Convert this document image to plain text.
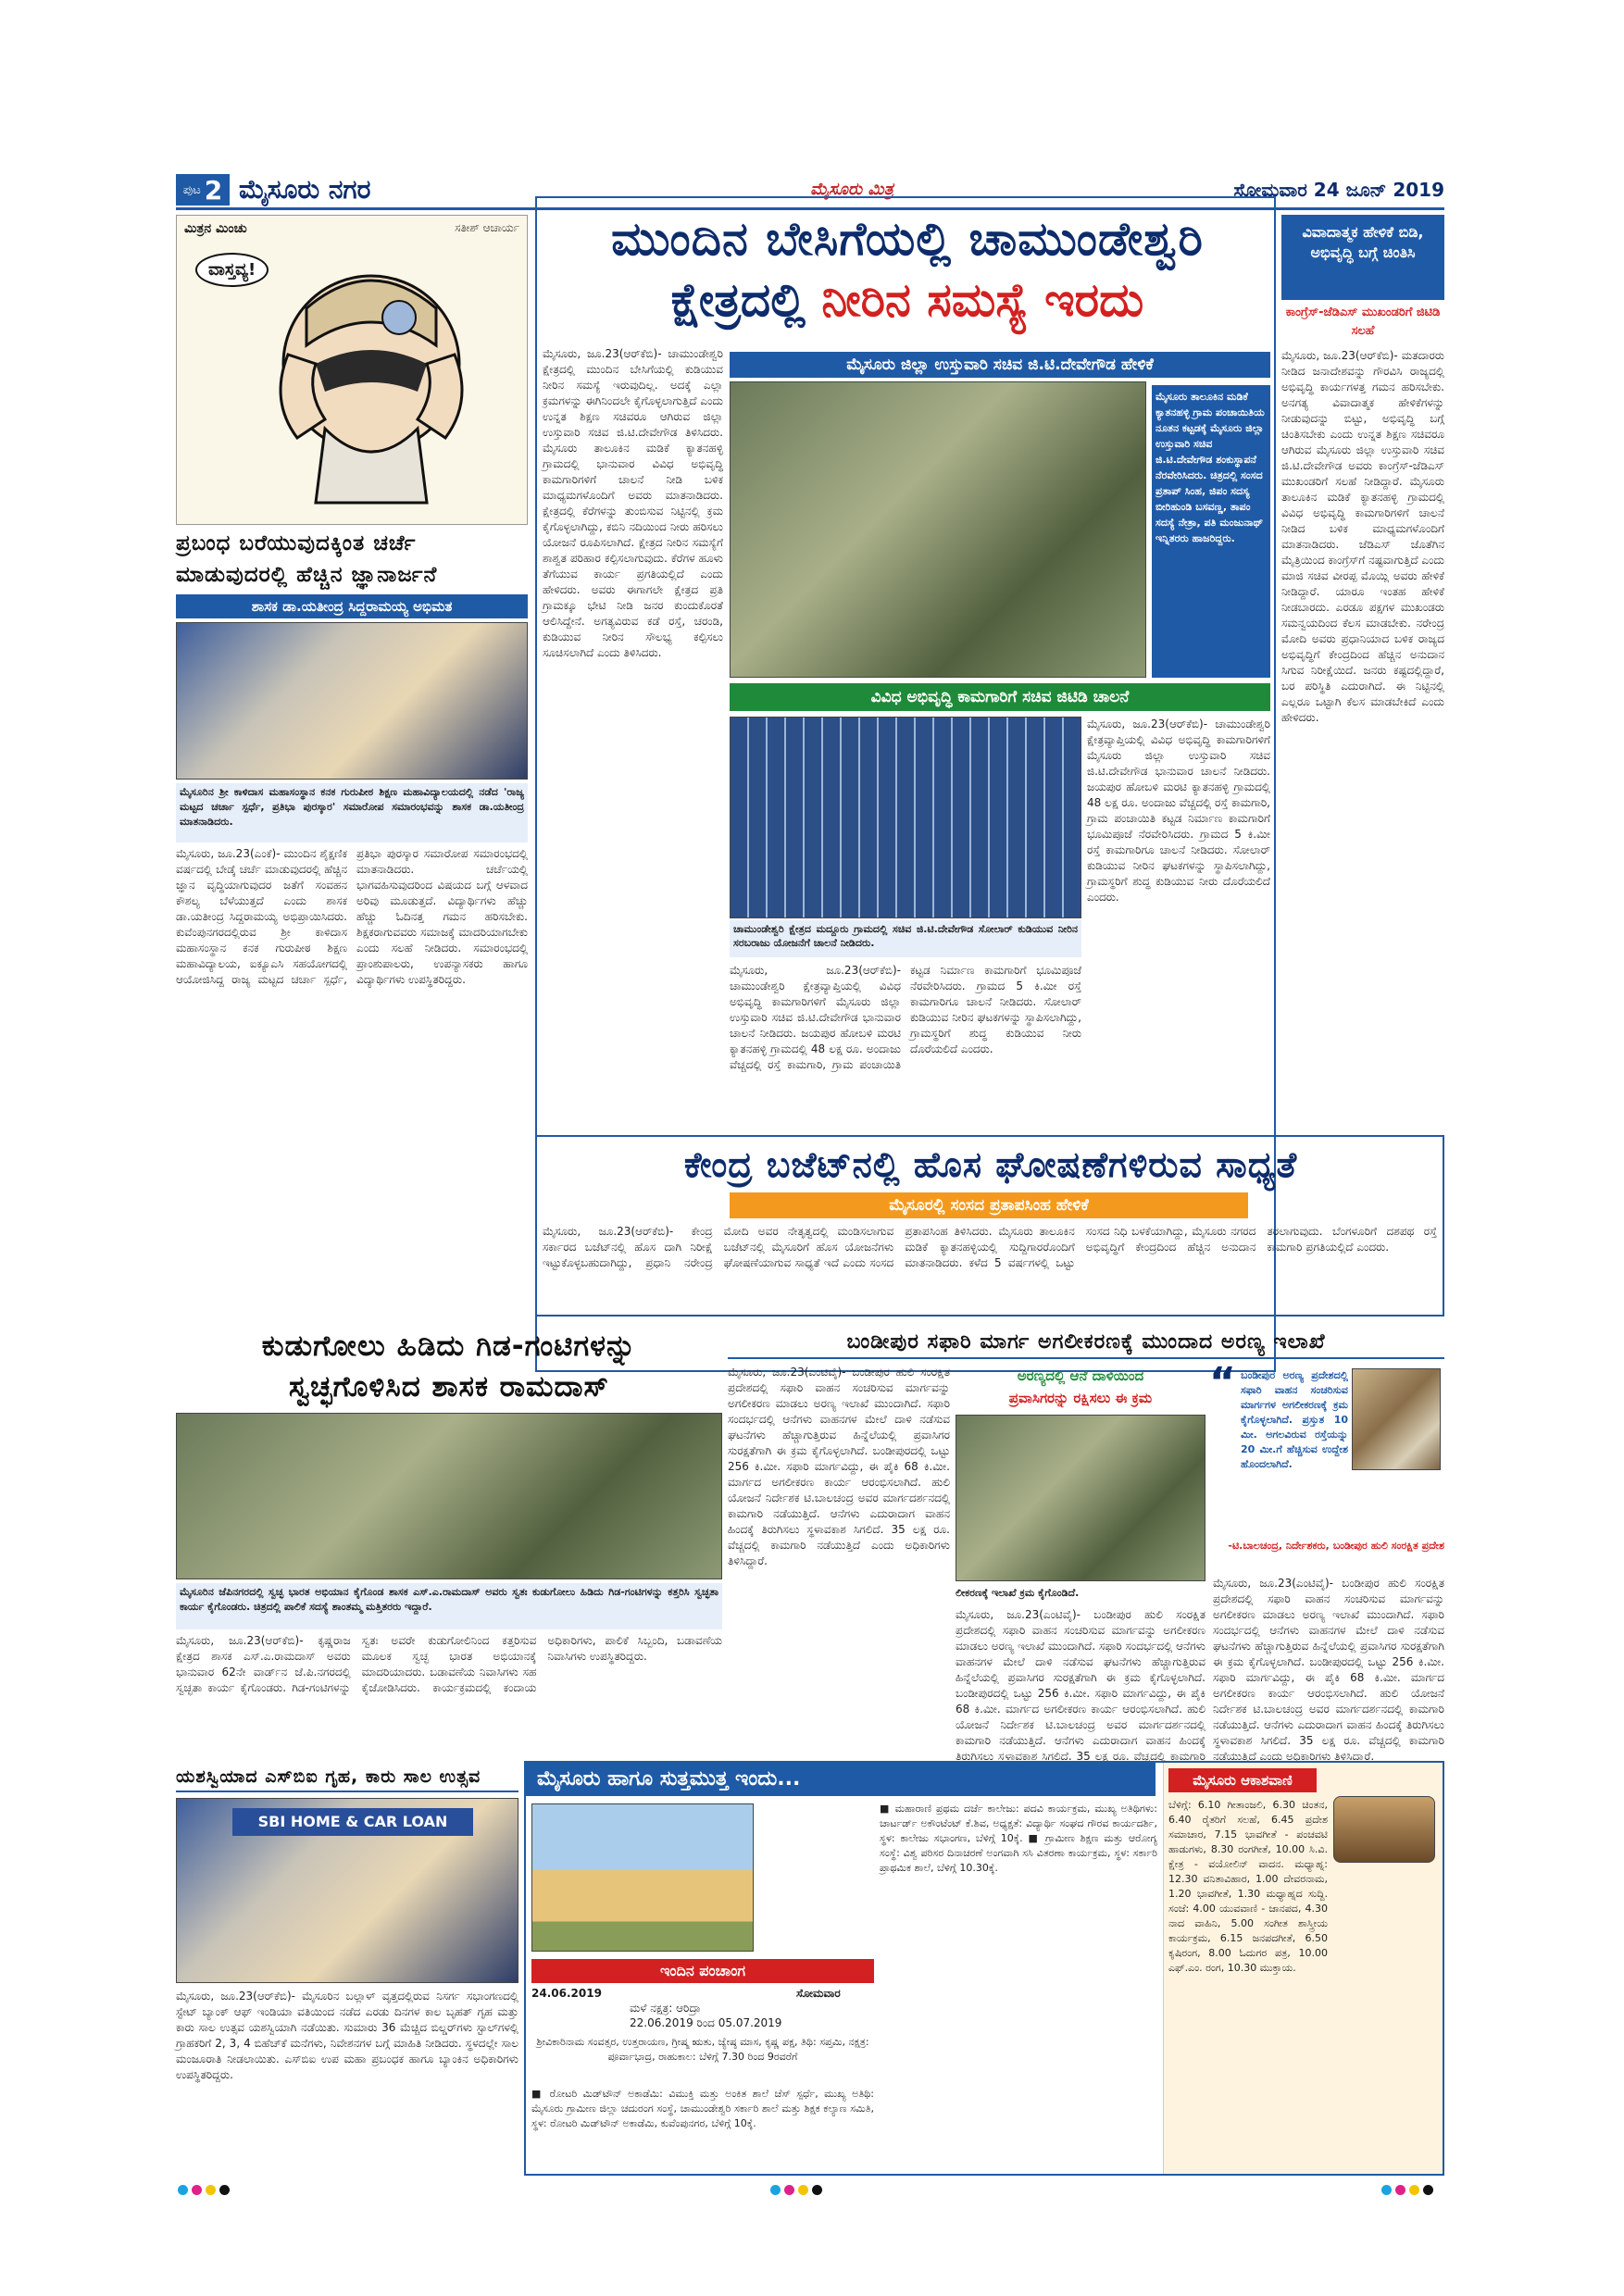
ಪುಟ 2 ಮೈಸೂರು ನಗರ	ಮೈಸೂರು ಮಿತ್ರ	ಸೋಮವಾರ 24 ಜೂನ್ 2019
ಮಿತ್ರನ ಮಿಂಚು	ಸತೀಶ್ ಆಚಾರ್ಯ
ವಾಸ್ತವ್ಯ!
ಪ್ರಬಂಧ ಬರೆಯುವುದಕ್ಕಿಂತ ಚರ್ಚೆ ಮಾಡುವುದರಲ್ಲಿ ಹೆಚ್ಚಿನ ಜ್ಞಾನಾರ್ಜನೆ
ಶಾಸಕ ಡಾ.ಯತೀಂದ್ರ ಸಿದ್ದರಾಮಯ್ಯ ಅಭಿಮತ
ಮೈಸೂರಿನ ಶ್ರೀ ಕಾಳಿದಾಸ ಮಹಾಸಂಸ್ಥಾನ ಕನಕ ಗುರುಪೀಠ ಶಿಕ್ಷಣ ಮಹಾವಿದ್ಯಾಲಯದಲ್ಲಿ ನಡೆದ 'ರಾಜ್ಯ ಮಟ್ಟದ ಚರ್ಚಾ ಸ್ಪರ್ಧೆ, ಪ್ರತಿಭಾ ಪುರಸ್ಕಾರ' ಸಮಾರೋಪ ಸಮಾರಂಭವನ್ನು ಶಾಸಕ ಡಾ.ಯತೀಂದ್ರ ಮಾತನಾಡಿದರು.
ಮೈಸೂರು, ಜೂ.23(ಎಂಕೆ)- ಮುಂದಿನ ಶೈಕ್ಷಣಿಕ ವರ್ಷದಲ್ಲಿ ಬೇಡ್ಕೆ ಚರ್ಚೆ ಮಾಡುವುದರಲ್ಲಿ ಹೆಚ್ಚಿನ ಜ್ಞಾನ ವೃದ್ಧಿಯಾಗುವುದರ ಜತೆಗೆ ಸಂವಹನ ಕೌಶಲ್ಯ ಬೆಳೆಯುತ್ತದೆ ಎಂದು ಶಾಸಕ ಡಾ.ಯತೀಂದ್ರ ಸಿದ್ದರಾಮಯ್ಯ ಅಭಿಪ್ರಾಯಿಸಿದರು. ಕುವೆಂಪುನಗರದಲ್ಲಿರುವ ಶ್ರೀ ಕಾಳಿದಾಸ ಮಹಾಸಂಸ್ಥಾನ ಕನಕ ಗುರುಪೀಠ ಶಿಕ್ಷಣ ಮಹಾವಿದ್ಯಾಲಯ, ಐಕ್ಯೂಎಸಿ ಸಹಯೋಗದಲ್ಲಿ ಆಯೋಜಿಸಿದ್ದ ರಾಜ್ಯ ಮಟ್ಟದ ಚರ್ಚಾ ಸ್ಪರ್ಧೆ, ಪ್ರತಿಭಾ ಪುರಸ್ಕಾರ ಸಮಾರೋಪ ಸಮಾರಂಭದಲ್ಲಿ ಮಾತನಾಡಿದರು. ಚರ್ಚೆಯಲ್ಲಿ ಭಾಗವಹಿಸುವುದರಿಂದ ವಿಷಯದ ಬಗ್ಗೆ ಆಳವಾದ ಅರಿವು ಮೂಡುತ್ತದೆ. ವಿದ್ಯಾರ್ಥಿಗಳು ಹೆಚ್ಚು ಹೆಚ್ಚು ಓದಿನತ್ತ ಗಮನ ಹರಿಸಬೇಕು. ಶಿಕ್ಷಕರಾಗುವವರು ಸಮಾಜಕ್ಕೆ ಮಾದರಿಯಾಗಬೇಕು ಎಂದು ಸಲಹೆ ನೀಡಿದರು. ಸಮಾರಂಭದಲ್ಲಿ ಪ್ರಾಂಶುಪಾಲರು, ಉಪನ್ಯಾಸಕರು ಹಾಗೂ ವಿದ್ಯಾರ್ಥಿಗಳು ಉಪಸ್ಥಿತರಿದ್ದರು.
ಮುಂದಿನ ಬೇಸಿಗೆಯಲ್ಲಿ ಚಾಮುಂಡೇಶ್ವರಿ
ಕ್ಷೇತ್ರದಲ್ಲಿ ನೀರಿನ ಸಮಸ್ಯೆ ಇರದು
ಮೈಸೂರು, ಜೂ.23(ಆರ್‌ಕೆಬಿ)- ಚಾಮುಂಡೇಶ್ವರಿ ಕ್ಷೇತ್ರದಲ್ಲಿ ಮುಂದಿನ ಬೇಸಿಗೆಯಲ್ಲಿ ಕುಡಿಯುವ ನೀರಿನ ಸಮಸ್ಯೆ ಇರುವುದಿಲ್ಲ. ಅದಕ್ಕೆ ಎಲ್ಲಾ ಕ್ರಮಗಳನ್ನು ಈಗಿನಿಂದಲೇ ಕೈಗೊಳ್ಳಲಾಗುತ್ತಿದೆ ಎಂದು ಉನ್ನತ ಶಿಕ್ಷಣ ಸಚಿವರೂ ಆಗಿರುವ ಜಿಲ್ಲಾ ಉಸ್ತುವಾರಿ ಸಚಿವ ಜಿ.ಟಿ.ದೇವೇಗೌಡ ತಿಳಿಸಿದರು. ಮೈಸೂರು ತಾಲೂಕಿನ ಮಡಿಕೆ ಕ್ಯಾತನಹಳ್ಳಿ ಗ್ರಾಮದಲ್ಲಿ ಭಾನುವಾರ ವಿವಿಧ ಅಭಿವೃದ್ಧಿ ಕಾಮಗಾರಿಗಳಿಗೆ ಚಾಲನೆ ನೀಡಿ ಬಳಿಕ ಮಾಧ್ಯಮಗಳೊಂದಿಗೆ ಅವರು ಮಾತನಾಡಿದರು. ಕ್ಷೇತ್ರದಲ್ಲಿ ಕೆರೆಗಳನ್ನು ತುಂಬಿಸುವ ನಿಟ್ಟಿನಲ್ಲಿ ಕ್ರಮ ಕೈಗೊಳ್ಳಲಾಗಿದ್ದು, ಕಬಿನಿ ನದಿಯಿಂದ ನೀರು ಹರಿಸಲು ಯೋಜನೆ ರೂಪಿಸಲಾಗಿದೆ. ಕ್ಷೇತ್ರದ ನೀರಿನ ಸಮಸ್ಯೆಗೆ ಶಾಶ್ವತ ಪರಿಹಾರ ಕಲ್ಪಿಸಲಾಗುವುದು. ಕೆರೆಗಳ ಹೂಳು ತೆಗೆಯುವ ಕಾರ್ಯ ಪ್ರಗತಿಯಲ್ಲಿದೆ ಎಂದು ಹೇಳಿದರು. ಅವರು ಈಗಾಗಲೇ ಕ್ಷೇತ್ರದ ಪ್ರತಿ ಗ್ರಾಮಕ್ಕೂ ಭೇಟಿ ನೀಡಿ ಜನರ ಕುಂದುಕೊರತೆ ಆಲಿಸಿದ್ದೇನೆ. ಅಗತ್ಯವಿರುವ ಕಡೆ ರಸ್ತೆ, ಚರಂಡಿ, ಕುಡಿಯುವ ನೀರಿನ ಸೌಲಭ್ಯ ಕಲ್ಪಿಸಲು ಸೂಚಿಸಲಾಗಿದೆ ಎಂದು ತಿಳಿಸಿದರು.
ಮೈಸೂರು ಜಿಲ್ಲಾ ಉಸ್ತುವಾರಿ ಸಚಿವ ಜಿ.ಟಿ.ದೇವೇಗೌಡ ಹೇಳಿಕೆ
ಮೈಸೂರು ತಾಲೂಕಿನ ಮಡಿಕೆ ಕ್ಯಾತನಹಳ್ಳಿ ಗ್ರಾಮ ಪಂಚಾಯಿತಿಯ ನೂತನ ಕಟ್ಟಡಕ್ಕೆ ಮೈಸೂರು ಜಿಲ್ಲಾ ಉಸ್ತುವಾರಿ ಸಚಿವ ಜಿ.ಟಿ.ದೇವೇಗೌಡ ಶಂಕುಸ್ಥಾಪನೆ ನೆರವೇರಿಸಿದರು. ಚಿತ್ರದಲ್ಲಿ ಸಂಸದ ಪ್ರತಾಪ್ ಸಿಂಹ, ಜಿಪಂ ಸದಸ್ಯ ಬೀರಿಹುಂಡಿ ಬಸವಣ್ಣ, ತಾಪಂ ಸದಸ್ಯೆ ನೇತ್ರಾ, ಪತಿ ಮಂಜುನಾಥ್ ಇನ್ನಿತರರು ಹಾಜರಿದ್ದರು.
ವಿವಿಧ ಅಭಿವೃದ್ಧಿ ಕಾಮಗಾರಿಗೆ ಸಚಿವ ಜಿಟಿಡಿ ಚಾಲನೆ
ಚಾಮುಂಡೇಶ್ವರಿ ಕ್ಷೇತ್ರದ ಮದ್ದೂರು ಗ್ರಾಮದಲ್ಲಿ ಸಚಿವ ಜಿ.ಟಿ.ದೇವೇಗೌಡ ಸೋಲಾರ್ ಕುಡಿಯುವ ನೀರಿನ ಸರಬರಾಜು ಯೋಜನೆಗೆ ಚಾಲನೆ ನೀಡಿದರು.
ಮೈಸೂರು, ಜೂ.23(ಆರ್‌ಕೆಬಿ)- ಚಾಮುಂಡೇಶ್ವರಿ ಕ್ಷೇತ್ರವ್ಯಾಪ್ತಿಯಲ್ಲಿ ವಿವಿಧ ಅಭಿವೃದ್ಧಿ ಕಾಮಗಾರಿಗಳಿಗೆ ಮೈಸೂರು ಜಿಲ್ಲಾ ಉಸ್ತುವಾರಿ ಸಚಿವ ಜಿ.ಟಿ.ದೇವೇಗೌಡ ಭಾನುವಾರ ಚಾಲನೆ ನೀಡಿದರು. ಜಯಪುರ ಹೋಬಳಿ ಮರಟಿ ಕ್ಯಾತನಹಳ್ಳಿ ಗ್ರಾಮದಲ್ಲಿ 48 ಲಕ್ಷ ರೂ. ಅಂದಾಜು ವೆಚ್ಚದಲ್ಲಿ ರಸ್ತೆ ಕಾಮಗಾರಿ, ಗ್ರಾಮ ಪಂಚಾಯಿತಿ ಕಟ್ಟಡ ನಿರ್ಮಾಣ ಕಾಮಗಾರಿಗೆ ಭೂಮಿಪೂಜೆ ನೆರವೇರಿಸಿದರು. ಗ್ರಾಮದ 5 ಕಿ.ಮೀ ರಸ್ತೆ ಕಾಮಗಾರಿಗೂ ಚಾಲನೆ ನೀಡಿದರು. ಸೋಲಾರ್ ಕುಡಿಯುವ ನೀರಿನ ಘಟಕಗಳನ್ನು ಸ್ಥಾಪಿಸಲಾಗಿದ್ದು, ಗ್ರಾಮಸ್ಥರಿಗೆ ಶುದ್ಧ ಕುಡಿಯುವ ನೀರು ದೊರೆಯಲಿದೆ ಎಂದರು.
ಮೈಸೂರು, ಜೂ.23(ಆರ್‌ಕೆಬಿ)- ಚಾಮುಂಡೇಶ್ವರಿ ಕ್ಷೇತ್ರವ್ಯಾಪ್ತಿಯಲ್ಲಿ ವಿವಿಧ ಅಭಿವೃದ್ಧಿ ಕಾಮಗಾರಿಗಳಿಗೆ ಮೈಸೂರು ಜಿಲ್ಲಾ ಉಸ್ತುವಾರಿ ಸಚಿವ ಜಿ.ಟಿ.ದೇವೇಗೌಡ ಭಾನುವಾರ ಚಾಲನೆ ನೀಡಿದರು. ಜಯಪುರ ಹೋಬಳಿ ಮರಟಿ ಕ್ಯಾತನಹಳ್ಳಿ ಗ್ರಾಮದಲ್ಲಿ 48 ಲಕ್ಷ ರೂ. ಅಂದಾಜು ವೆಚ್ಚದಲ್ಲಿ ರಸ್ತೆ ಕಾಮಗಾರಿ, ಗ್ರಾಮ ಪಂಚಾಯಿತಿ ಕಟ್ಟಡ ನಿರ್ಮಾಣ ಕಾಮಗಾರಿಗೆ ಭೂಮಿಪೂಜೆ ನೆರವೇರಿಸಿದರು. ಗ್ರಾಮದ 5 ಕಿ.ಮೀ ರಸ್ತೆ ಕಾಮಗಾರಿಗೂ ಚಾಲನೆ ನೀಡಿದರು. ಸೋಲಾರ್ ಕುಡಿಯುವ ನೀರಿನ ಘಟಕಗಳನ್ನು ಸ್ಥಾಪಿಸಲಾಗಿದ್ದು, ಗ್ರಾಮಸ್ಥರಿಗೆ ಶುದ್ಧ ಕುಡಿಯುವ ನೀರು ದೊರೆಯಲಿದೆ ಎಂದರು.
ವಿವಾದಾತ್ಮಕ ಹೇಳಿಕೆ ಬಿಡಿ, ಅಭಿವೃದ್ಧಿ ಬಗ್ಗೆ ಚಿಂತಿಸಿ
ಕಾಂಗ್ರೆಸ್-ಜೆಡಿಎಸ್ ಮುಖಂಡರಿಗೆ ಜಿಟಿಡಿ ಸಲಹೆ
ಮೈಸೂರು, ಜೂ.23(ಆರ್‌ಕೆಬಿ)- ಮತದಾರರು ನೀಡಿದ ಜನಾದೇಶವನ್ನು ಗೌರವಿಸಿ ರಾಜ್ಯದಲ್ಲಿ ಅಭಿವೃದ್ಧಿ ಕಾರ್ಯಗಳತ್ತ ಗಮನ ಹರಿಸಬೇಕು. ಅನಗತ್ಯ ವಿವಾದಾತ್ಮಕ ಹೇಳಿಕೆಗಳನ್ನು ನೀಡುವುದನ್ನು ಬಿಟ್ಟು, ಅಭಿವೃದ್ಧಿ ಬಗ್ಗೆ ಚಿಂತಿಸಬೇಕು ಎಂದು ಉನ್ನತ ಶಿಕ್ಷಣ ಸಚಿವರೂ ಆಗಿರುವ ಮೈಸೂರು ಜಿಲ್ಲಾ ಉಸ್ತುವಾರಿ ಸಚಿವ ಜಿ.ಟಿ.ದೇವೇಗೌಡ ಅವರು ಕಾಂಗ್ರೆಸ್-ಜೆಡಿಎಸ್ ಮುಖಂಡರಿಗೆ ಸಲಹೆ ನೀಡಿದ್ದಾರೆ. ಮೈಸೂರು ತಾಲೂಕಿನ ಮಡಿಕೆ ಕ್ಯಾತನಹಳ್ಳಿ ಗ್ರಾಮದಲ್ಲಿ ವಿವಿಧ ಅಭಿವೃದ್ಧಿ ಕಾಮಗಾರಿಗಳಿಗೆ ಚಾಲನೆ ನೀಡಿದ ಬಳಿಕ ಮಾಧ್ಯಮಗಳೊಂದಿಗೆ ಮಾತನಾಡಿದರು. ಜೆಡಿಎಸ್ ಜೊತೆಗಿನ ಮೈತ್ರಿಯಿಂದ ಕಾಂಗ್ರೆಸ್‌ಗೆ ನಷ್ಟವಾಗುತ್ತಿದೆ ಎಂದು ಮಾಜಿ ಸಚಿವ ವೀರಪ್ಪ ಮೊಯ್ಲಿ ಅವರು ಹೇಳಿಕೆ ನೀಡಿದ್ದಾರೆ. ಯಾರೂ ಇಂತಹ ಹೇಳಿಕೆ ನೀಡಬಾರದು. ಎರಡೂ ಪಕ್ಷಗಳ ಮುಖಂಡರು ಸಮನ್ವಯದಿಂದ ಕೆಲಸ ಮಾಡಬೇಕು. ನರೇಂದ್ರ ಮೋದಿ ಅವರು ಪ್ರಧಾನಿಯಾದ ಬಳಿಕ ರಾಜ್ಯದ ಅಭಿವೃದ್ಧಿಗೆ ಕೇಂದ್ರದಿಂದ ಹೆಚ್ಚಿನ ಅನುದಾನ ಸಿಗುವ ನಿರೀಕ್ಷೆಯಿದೆ. ಜನರು ಕಷ್ಟದಲ್ಲಿದ್ದಾರೆ, ಬರ ಪರಿಸ್ಥಿತಿ ಎದುರಾಗಿದೆ. ಈ ನಿಟ್ಟಿನಲ್ಲಿ ಎಲ್ಲರೂ ಒಟ್ಟಾಗಿ ಕೆಲಸ ಮಾಡಬೇಕಿದೆ ಎಂದು ಹೇಳಿದರು.
ಕೇಂದ್ರ ಬಜೆಟ್‌ನಲ್ಲಿ ಹೊಸ ಘೋಷಣೆಗಳಿರುವ ಸಾಧ್ಯತೆ
ಮೈಸೂರಲ್ಲಿ ಸಂಸದ ಪ್ರತಾಪಸಿಂಹ ಹೇಳಿಕೆ
ಮೈಸೂರು, ಜೂ.23(ಆರ್‌ಕೆಬಿ)- ಕೇಂದ್ರ ಸರ್ಕಾರದ ಬಜೆಟ್‌ನಲ್ಲಿ ಹೊಸ ದಾಗಿ ನಿರೀಕ್ಷೆ ಇಟ್ಟುಕೊಳ್ಳಬಹುದಾಗಿದ್ದು, ಪ್ರಧಾನಿ ನರೇಂದ್ರ ಮೋದಿ ಅವರ ನೇತೃತ್ವದಲ್ಲಿ ಮಂಡಿಸಲಾಗುವ ಬಜೆಟ್‌ನಲ್ಲಿ ಮೈಸೂರಿಗೆ ಹೊಸ ಯೋಜನೆಗಳು ಘೋಷಣೆಯಾಗುವ ಸಾಧ್ಯತೆ ಇದೆ ಎಂದು ಸಂಸದ ಪ್ರತಾಪಸಿಂಹ ತಿಳಿಸಿದರು. ಮೈಸೂರು ತಾಲೂಕಿನ ಮಡಿಕೆ ಕ್ಯಾತನಹಳ್ಳಿಯಲ್ಲಿ ಸುದ್ದಿಗಾರರೊಂದಿಗೆ ಮಾತನಾಡಿದರು. ಕಳೆದ 5 ವರ್ಷಗಳಲ್ಲಿ ಒಟ್ಟು ಸಂಸದ ನಿಧಿ ಬಳಕೆಯಾಗಿದ್ದು, ಮೈಸೂರು ನಗರದ ಅಭಿವೃದ್ಧಿಗೆ ಕೇಂದ್ರದಿಂದ ಹೆಚ್ಚಿನ ಅನುದಾನ ತರಲಾಗುವುದು. ಬೆಂಗಳೂರಿಗೆ ದಶಪಥ ರಸ್ತೆ ಕಾಮಗಾರಿ ಪ್ರಗತಿಯಲ್ಲಿದೆ ಎಂದರು.
ಕುಡುಗೋಲು ಹಿಡಿದು ಗಿಡ-ಗಂಟಿಗಳನ್ನು
ಸ್ವಚ್ಛಗೊಳಿಸಿದ ಶಾಸಕ ರಾಮದಾಸ್
ಮೈಸೂರಿನ ಜೆಪಿನಗರದಲ್ಲಿ ಸ್ವಚ್ಛ ಭಾರತ ಅಭಿಯಾನ ಕೈಗೊಂಡ ಶಾಸಕ ಎಸ್.ಎ.ರಾಮದಾಸ್ ಅವರು ಸ್ವತಃ ಕುಡುಗೋಲು ಹಿಡಿದು ಗಿಡ-ಗಂಟಿಗಳನ್ನು ಕತ್ತರಿಸಿ ಸ್ವಚ್ಛತಾ ಕಾರ್ಯ ಕೈಗೊಂಡರು. ಚಿತ್ರದಲ್ಲಿ ಪಾಲಿಕೆ ಸದಸ್ಯೆ ಶಾಂತಮ್ಮ ಮತ್ತಿತರರು ಇದ್ದಾರೆ.
ಮೈಸೂರು, ಜೂ.23(ಆರ್‌ಕೆಬಿ)- ಕೃಷ್ಣರಾಜ ಕ್ಷೇತ್ರದ ಶಾಸಕ ಎಸ್.ಎ.ರಾಮದಾಸ್ ಅವರು ಭಾನುವಾರ 62ನೇ ವಾರ್ಡ್‌ನ ಜೆ.ಪಿ.ನಗರದಲ್ಲಿ ಸ್ವಚ್ಛತಾ ಕಾರ್ಯ ಕೈಗೊಂಡರು. ಗಿಡ-ಗಂಟಿಗಳನ್ನು ಸ್ವತಃ ಅವರೇ ಕುಡುಗೋಲಿನಿಂದ ಕತ್ತರಿಸುವ ಮೂಲಕ ಸ್ವಚ್ಛ ಭಾರತ ಅಭಿಯಾನಕ್ಕೆ ಮಾದರಿಯಾದರು. ಬಡಾವಣೆಯ ನಿವಾಸಿಗಳು ಸಹ ಕೈಜೋಡಿಸಿದರು. ಕಾರ್ಯಕ್ರಮದಲ್ಲಿ ಕಂದಾಯ ಅಧಿಕಾರಿಗಳು, ಪಾಲಿಕೆ ಸಿಬ್ಬಂದಿ, ಬಡಾವಣೆಯ ನಿವಾಸಿಗಳು ಉಪಸ್ಥಿತರಿದ್ದರು.
ಬಂಡೀಪುರ ಸಫಾರಿ ಮಾರ್ಗ ಅಗಲೀಕರಣಕ್ಕೆ ಮುಂದಾದ ಅರಣ್ಯ ಇಲಾಖೆ
ಮೈಸೂರು, ಜೂ.23(ಎಂಟಿವೈ)- ಬಂಡೀಪುರ ಹುಲಿ ಸಂರಕ್ಷಿತ ಪ್ರದೇಶದಲ್ಲಿ ಸಫಾರಿ ವಾಹನ ಸಂಚರಿಸುವ ಮಾರ್ಗವನ್ನು ಅಗಲೀಕರಣ ಮಾಡಲು ಅರಣ್ಯ ಇಲಾಖೆ ಮುಂದಾಗಿದೆ. ಸಫಾರಿ ಸಂದರ್ಭದಲ್ಲಿ ಆನೆಗಳು ವಾಹನಗಳ ಮೇಲೆ ದಾಳಿ ನಡೆಸುವ ಘಟನೆಗಳು ಹೆಚ್ಚಾಗುತ್ತಿರುವ ಹಿನ್ನೆಲೆಯಲ್ಲಿ ಪ್ರವಾಸಿಗರ ಸುರಕ್ಷತೆಗಾಗಿ ಈ ಕ್ರಮ ಕೈಗೊಳ್ಳಲಾಗಿದೆ. ಬಂಡೀಪುರದಲ್ಲಿ ಒಟ್ಟು 256 ಕಿ.ಮೀ. ಸಫಾರಿ ಮಾರ್ಗವಿದ್ದು, ಈ ಪೈಕಿ 68 ಕಿ.ಮೀ. ಮಾರ್ಗದ ಅಗಲೀಕರಣ ಕಾರ್ಯ ಆರಂಭಿಸಲಾಗಿದೆ. ಹುಲಿ ಯೋಜನೆ ನಿರ್ದೇಶಕ ಟಿ.ಬಾಲಚಂದ್ರ ಅವರ ಮಾರ್ಗದರ್ಶನದಲ್ಲಿ ಕಾಮಗಾರಿ ನಡೆಯುತ್ತಿದೆ. ಆನೆಗಳು ಎದುರಾದಾಗ ವಾಹನ ಹಿಂದಕ್ಕೆ ತಿರುಗಿಸಲು ಸ್ಥಳಾವಕಾಶ ಸಿಗಲಿದೆ. 35 ಲಕ್ಷ ರೂ. ವೆಚ್ಚದಲ್ಲಿ ಕಾಮಗಾರಿ ನಡೆಯುತ್ತಿದೆ ಎಂದು ಅಧಿಕಾರಿಗಳು ತಿಳಿಸಿದ್ದಾರೆ.
ಅರಣ್ಯದಲ್ಲಿ ಆನೆ ದಾಳಿಯಿಂದ
ಪ್ರವಾಸಿಗರನ್ನು ರಕ್ಷಿಸಲು ಈ ಕ್ರಮ
ಲೀಕರಣಕ್ಕೆ ಇಲಾಖೆ ಕ್ರಮ ಕೈಗೊಂಡಿದೆ.
ಮೈಸೂರು, ಜೂ.23(ಎಂಟಿವೈ)- ಬಂಡೀಪುರ ಹುಲಿ ಸಂರಕ್ಷಿತ ಪ್ರದೇಶದಲ್ಲಿ ಸಫಾರಿ ವಾಹನ ಸಂಚರಿಸುವ ಮಾರ್ಗವನ್ನು ಅಗಲೀಕರಣ ಮಾಡಲು ಅರಣ್ಯ ಇಲಾಖೆ ಮುಂದಾಗಿದೆ. ಸಫಾರಿ ಸಂದರ್ಭದಲ್ಲಿ ಆನೆಗಳು ವಾಹನಗಳ ಮೇಲೆ ದಾಳಿ ನಡೆಸುವ ಘಟನೆಗಳು ಹೆಚ್ಚಾಗುತ್ತಿರುವ ಹಿನ್ನೆಲೆಯಲ್ಲಿ ಪ್ರವಾಸಿಗರ ಸುರಕ್ಷತೆಗಾಗಿ ಈ ಕ್ರಮ ಕೈಗೊಳ್ಳಲಾಗಿದೆ. ಬಂಡೀಪುರದಲ್ಲಿ ಒಟ್ಟು 256 ಕಿ.ಮೀ. ಸಫಾರಿ ಮಾರ್ಗವಿದ್ದು, ಈ ಪೈಕಿ 68 ಕಿ.ಮೀ. ಮಾರ್ಗದ ಅಗಲೀಕರಣ ಕಾರ್ಯ ಆರಂಭಿಸಲಾಗಿದೆ. ಹುಲಿ ಯೋಜನೆ ನಿರ್ದೇಶಕ ಟಿ.ಬಾಲಚಂದ್ರ ಅವರ ಮಾರ್ಗದರ್ಶನದಲ್ಲಿ ಕಾಮಗಾರಿ ನಡೆಯುತ್ತಿದೆ. ಆನೆಗಳು ಎದುರಾದಾಗ ವಾಹನ ಹಿಂದಕ್ಕೆ ತಿರುಗಿಸಲು ಸ್ಥಳಾವಕಾಶ ಸಿಗಲಿದೆ. 35 ಲಕ್ಷ ರೂ. ವೆಚ್ಚದಲ್ಲಿ ಕಾಮಗಾರಿ
“ ಬಂಡೀಪುರ ಅರಣ್ಯ ಪ್ರದೇಶದಲ್ಲಿ ಸಫಾರಿ ವಾಹನ ಸಂಚರಿಸುವ ಮಾರ್ಗಗಳ ಅಗಲೀಕರಣಕ್ಕೆ ಕ್ರಮ ಕೈಗೊಳ್ಳಲಾಗಿದೆ. ಪ್ರಸ್ತುತ 10 ಮೀ. ಅಗಲವಿರುವ ರಸ್ತೆಯನ್ನು 20 ಮೀ.ಗೆ ಹೆಚ್ಚಿಸುವ ಉದ್ದೇಶ ಹೊಂದಲಾಗಿದೆ.
-ಟಿ.ಬಾಲಚಂದ್ರ, ನಿರ್ದೇಶಕರು, ಬಂಡೀಪುರ ಹುಲಿ ಸಂರಕ್ಷಿತ ಪ್ರದೇಶ
ಮೈಸೂರು, ಜೂ.23(ಎಂಟಿವೈ)- ಬಂಡೀಪುರ ಹುಲಿ ಸಂರಕ್ಷಿತ ಪ್ರದೇಶದಲ್ಲಿ ಸಫಾರಿ ವಾಹನ ಸಂಚರಿಸುವ ಮಾರ್ಗವನ್ನು ಅಗಲೀಕರಣ ಮಾಡಲು ಅರಣ್ಯ ಇಲಾಖೆ ಮುಂದಾಗಿದೆ. ಸಫಾರಿ ಸಂದರ್ಭದಲ್ಲಿ ಆನೆಗಳು ವಾಹನಗಳ ಮೇಲೆ ದಾಳಿ ನಡೆಸುವ ಘಟನೆಗಳು ಹೆಚ್ಚಾಗುತ್ತಿರುವ ಹಿನ್ನೆಲೆಯಲ್ಲಿ ಪ್ರವಾಸಿಗರ ಸುರಕ್ಷತೆಗಾಗಿ ಈ ಕ್ರಮ ಕೈಗೊಳ್ಳಲಾಗಿದೆ. ಬಂಡೀಪುರದಲ್ಲಿ ಒಟ್ಟು 256 ಕಿ.ಮೀ. ಸಫಾರಿ ಮಾರ್ಗವಿದ್ದು, ಈ ಪೈಕಿ 68 ಕಿ.ಮೀ. ಮಾರ್ಗದ ಅಗಲೀಕರಣ ಕಾರ್ಯ ಆರಂಭಿಸಲಾಗಿದೆ. ಹುಲಿ ಯೋಜನೆ ನಿರ್ದೇಶಕ ಟಿ.ಬಾಲಚಂದ್ರ ಅವರ ಮಾರ್ಗದರ್ಶನದಲ್ಲಿ ಕಾಮಗಾರಿ ನಡೆಯುತ್ತಿದೆ. ಆನೆಗಳು ಎದುರಾದಾಗ ವಾಹನ ಹಿಂದಕ್ಕೆ ತಿರುಗಿಸಲು ಸ್ಥಳಾವಕಾಶ ಸಿಗಲಿದೆ. 35 ಲಕ್ಷ ರೂ. ವೆಚ್ಚದಲ್ಲಿ ಕಾಮಗಾರಿ ನಡೆಯುತ್ತಿದೆ ಎಂದು ಅಧಿಕಾರಿಗಳು ತಿಳಿಸಿದ್ದಾರೆ.
ಯಶಸ್ವಿಯಾದ ಎಸ್‌ಬಿಐ ಗೃಹ, ಕಾರು ಸಾಲ ಉತ್ಸವ
SBI HOME & CAR LOAN
ಮೈಸೂರು, ಜೂ.23(ಆರ್‌ಕೆಬಿ)- ಮೈಸೂರಿನ ಬಲ್ಲಾಳ್ ವೃತ್ತದಲ್ಲಿರುವ ನಿಸರ್ಗ ಸಭಾಂಗಣದಲ್ಲಿ ಸ್ಟೇಟ್ ಬ್ಯಾಂಕ್ ಆಫ್ ಇಂಡಿಯಾ ವತಿಯಿಂದ ನಡೆದ ಎರಡು ದಿನಗಳ ಕಾಲ ಬೃಹತ್ ಗೃಹ ಮತ್ತು ಕಾರು ಸಾಲ ಉತ್ಸವ ಯಶಸ್ವಿಯಾಗಿ ನಡೆಯಿತು. ಸುಮಾರು 36 ಮೆಚ್ಚಿದ ಬಿಲ್ಡರ್‌ಗಳು ಸ್ಟಾಲ್‌ಗಳಲ್ಲಿ ಗ್ರಾಹಕರಿಗೆ 2, 3, 4 ಬಿಹೆಚ್‌ಕೆ ಮನೆಗಳು, ನಿವೇಶನಗಳ ಬಗ್ಗೆ ಮಾಹಿತಿ ನೀಡಿದರು. ಸ್ಥಳದಲ್ಲೇ ಸಾಲ ಮಂಜೂರಾತಿ ನೀಡಲಾಯಿತು. ಎಸ್‌ಬಿಐ ಉಪ ಮಹಾ ಪ್ರಬಂಧಕ ಹಾಗೂ ಬ್ಯಾಂಕಿನ ಅಧಿಕಾರಿಗಳು ಉಪಸ್ಥಿತರಿದ್ದರು.
ಮೈಸೂರು ಹಾಗೂ ಸುತ್ತಮುತ್ತ ಇಂದು...
ಇಂದಿನ ಪಂಚಾಂಗ
24.06.2019	ಸೋಮವಾರ
ಮಳೆ ನಕ್ಷತ್ರ: ಆರಿದ್ರಾ
22.06.2019 ರಿಂದ 05.07.2019
ಶ್ರೀವಿಕಾರಿನಾಮ ಸಂವತ್ಸರ, ಉತ್ತರಾಯಣ, ಗ್ರೀಷ್ಮ ಋತು, ಜ್ಯೇಷ್ಠ ಮಾಸ, ಕೃಷ್ಣ ಪಕ್ಷ, ತಿಥಿ: ಸಪ್ತಮಿ, ನಕ್ಷತ್ರ: ಪೂರ್ವಾಭಾದ್ರ, ರಾಹುಕಾಲ: ಬೆಳಿಗ್ಗೆ 7.30 ರಿಂದ 9ರವರೆಗೆ
■ ರೋಟರಿ ಮಿಡ್‌ಟೌನ್ ಅಕಾಡೆಮಿ: ವಿಮುಕ್ತಿ ಮತ್ತು ಅಂಕಿತ ಶಾಲೆ ಚೆಸ್ ಸ್ಪರ್ಧೆ, ಮುಖ್ಯ ಅತಿಥಿ: ಮೈಸೂರು ಗ್ರಾಮೀಣ ಜಿಲ್ಲಾ ಚದುರಂಗ ಸಂಸ್ಥೆ, ಚಾಮುಂಡೇಶ್ವರಿ ಸರ್ಕಾರಿ ಶಾಲೆ ಮತ್ತು ಶಿಕ್ಷಕ ಕಲ್ಯಾಣ ಸಮಿತಿ, ಸ್ಥಳ: ರೋಟರಿ ಮಿಡ್‌ಟೌನ್ ಅಕಾಡೆಮಿ, ಕುವೆಂಪುನಗರ, ಬೆಳಿಗ್ಗೆ 10ಕ್ಕೆ.
■ ಮಹಾರಾಣಿ ಪ್ರಥಮ ದರ್ಜೆ ಕಾಲೇಜು: ಪದವಿ ಕಾರ್ಯಕ್ರಮ, ಮುಖ್ಯ ಅತಿಥಿಗಳು: ಚಾರ್ಟರ್ಡ್ ಅಕೌಂಟೆಂಟ್ ಕೆ.ಶಿವ, ಅಧ್ಯಕ್ಷತೆ: ವಿದ್ಯಾರ್ಥಿ ಸಂಘದ ಗೌರವ ಕಾರ್ಯದರ್ಶಿ, ಸ್ಥಳ: ಕಾಲೇಜು ಸಭಾಂಗಣ, ಬೆಳಿಗ್ಗೆ 10ಕ್ಕೆ. ■ ಗ್ರಾಮೀಣ ಶಿಕ್ಷಣ ಮತ್ತು ಆರೋಗ್ಯ ಸಂಸ್ಥೆ: ವಿಶ್ವ ಪರಿಸರ ದಿನಾಚರಣೆ ಅಂಗವಾಗಿ ಸಸಿ ವಿತರಣಾ ಕಾರ್ಯಕ್ರಮ, ಸ್ಥಳ: ಸರ್ಕಾರಿ ಪ್ರಾಥಮಿಕ ಶಾಲೆ, ಬೆಳಿಗ್ಗೆ 10.30ಕ್ಕೆ.
ಮೈಸೂರು ಆಕಾಶವಾಣಿ
ಬೆಳಿಗ್ಗೆ: 6.10 ಗೀತಾಂಜಲಿ, 6.30 ಚಿಂತನ, 6.40 ರೈತರಿಗೆ ಸಲಹೆ, 6.45 ಪ್ರದೇಶ ಸಮಾಚಾರ, 7.15 ಭಾವಗೀತೆ - ಪಂಚವಟಿ ಹಾಡುಗಳು, 8.30 ರಂಗಗೀತೆ, 10.00 ಸಿ.ವಿ. ಕ್ಷೇತ್ರ - ವಯೋಲಿನ್ ವಾದನ. ಮಧ್ಯಾಹ್ನ: 12.30 ವನಿತಾವಿಹಾರ, 1.00 ದೇವರನಾಮ, 1.20 ಭಾವಗೀತೆ, 1.30 ಮಧ್ಯಾಹ್ನದ ಸುದ್ದಿ. ಸಂಜೆ: 4.00 ಯುವವಾಣಿ - ಜಾನಪದ, 4.30 ನಾದ ವಾಹಿನಿ, 5.00 ಸಂಗೀತ ಶಾಸ್ತ್ರೀಯ ಕಾರ್ಯಕ್ರಮ, 6.15 ಜನಪದಗೀತೆ, 6.50 ಕೃಷಿರಂಗ, 8.00 ಓದುಗರ ಪತ್ರ, 10.00 ಎಫ್.ಎಂ. ರಂಗ, 10.30 ಮುಕ್ತಾಯ.
